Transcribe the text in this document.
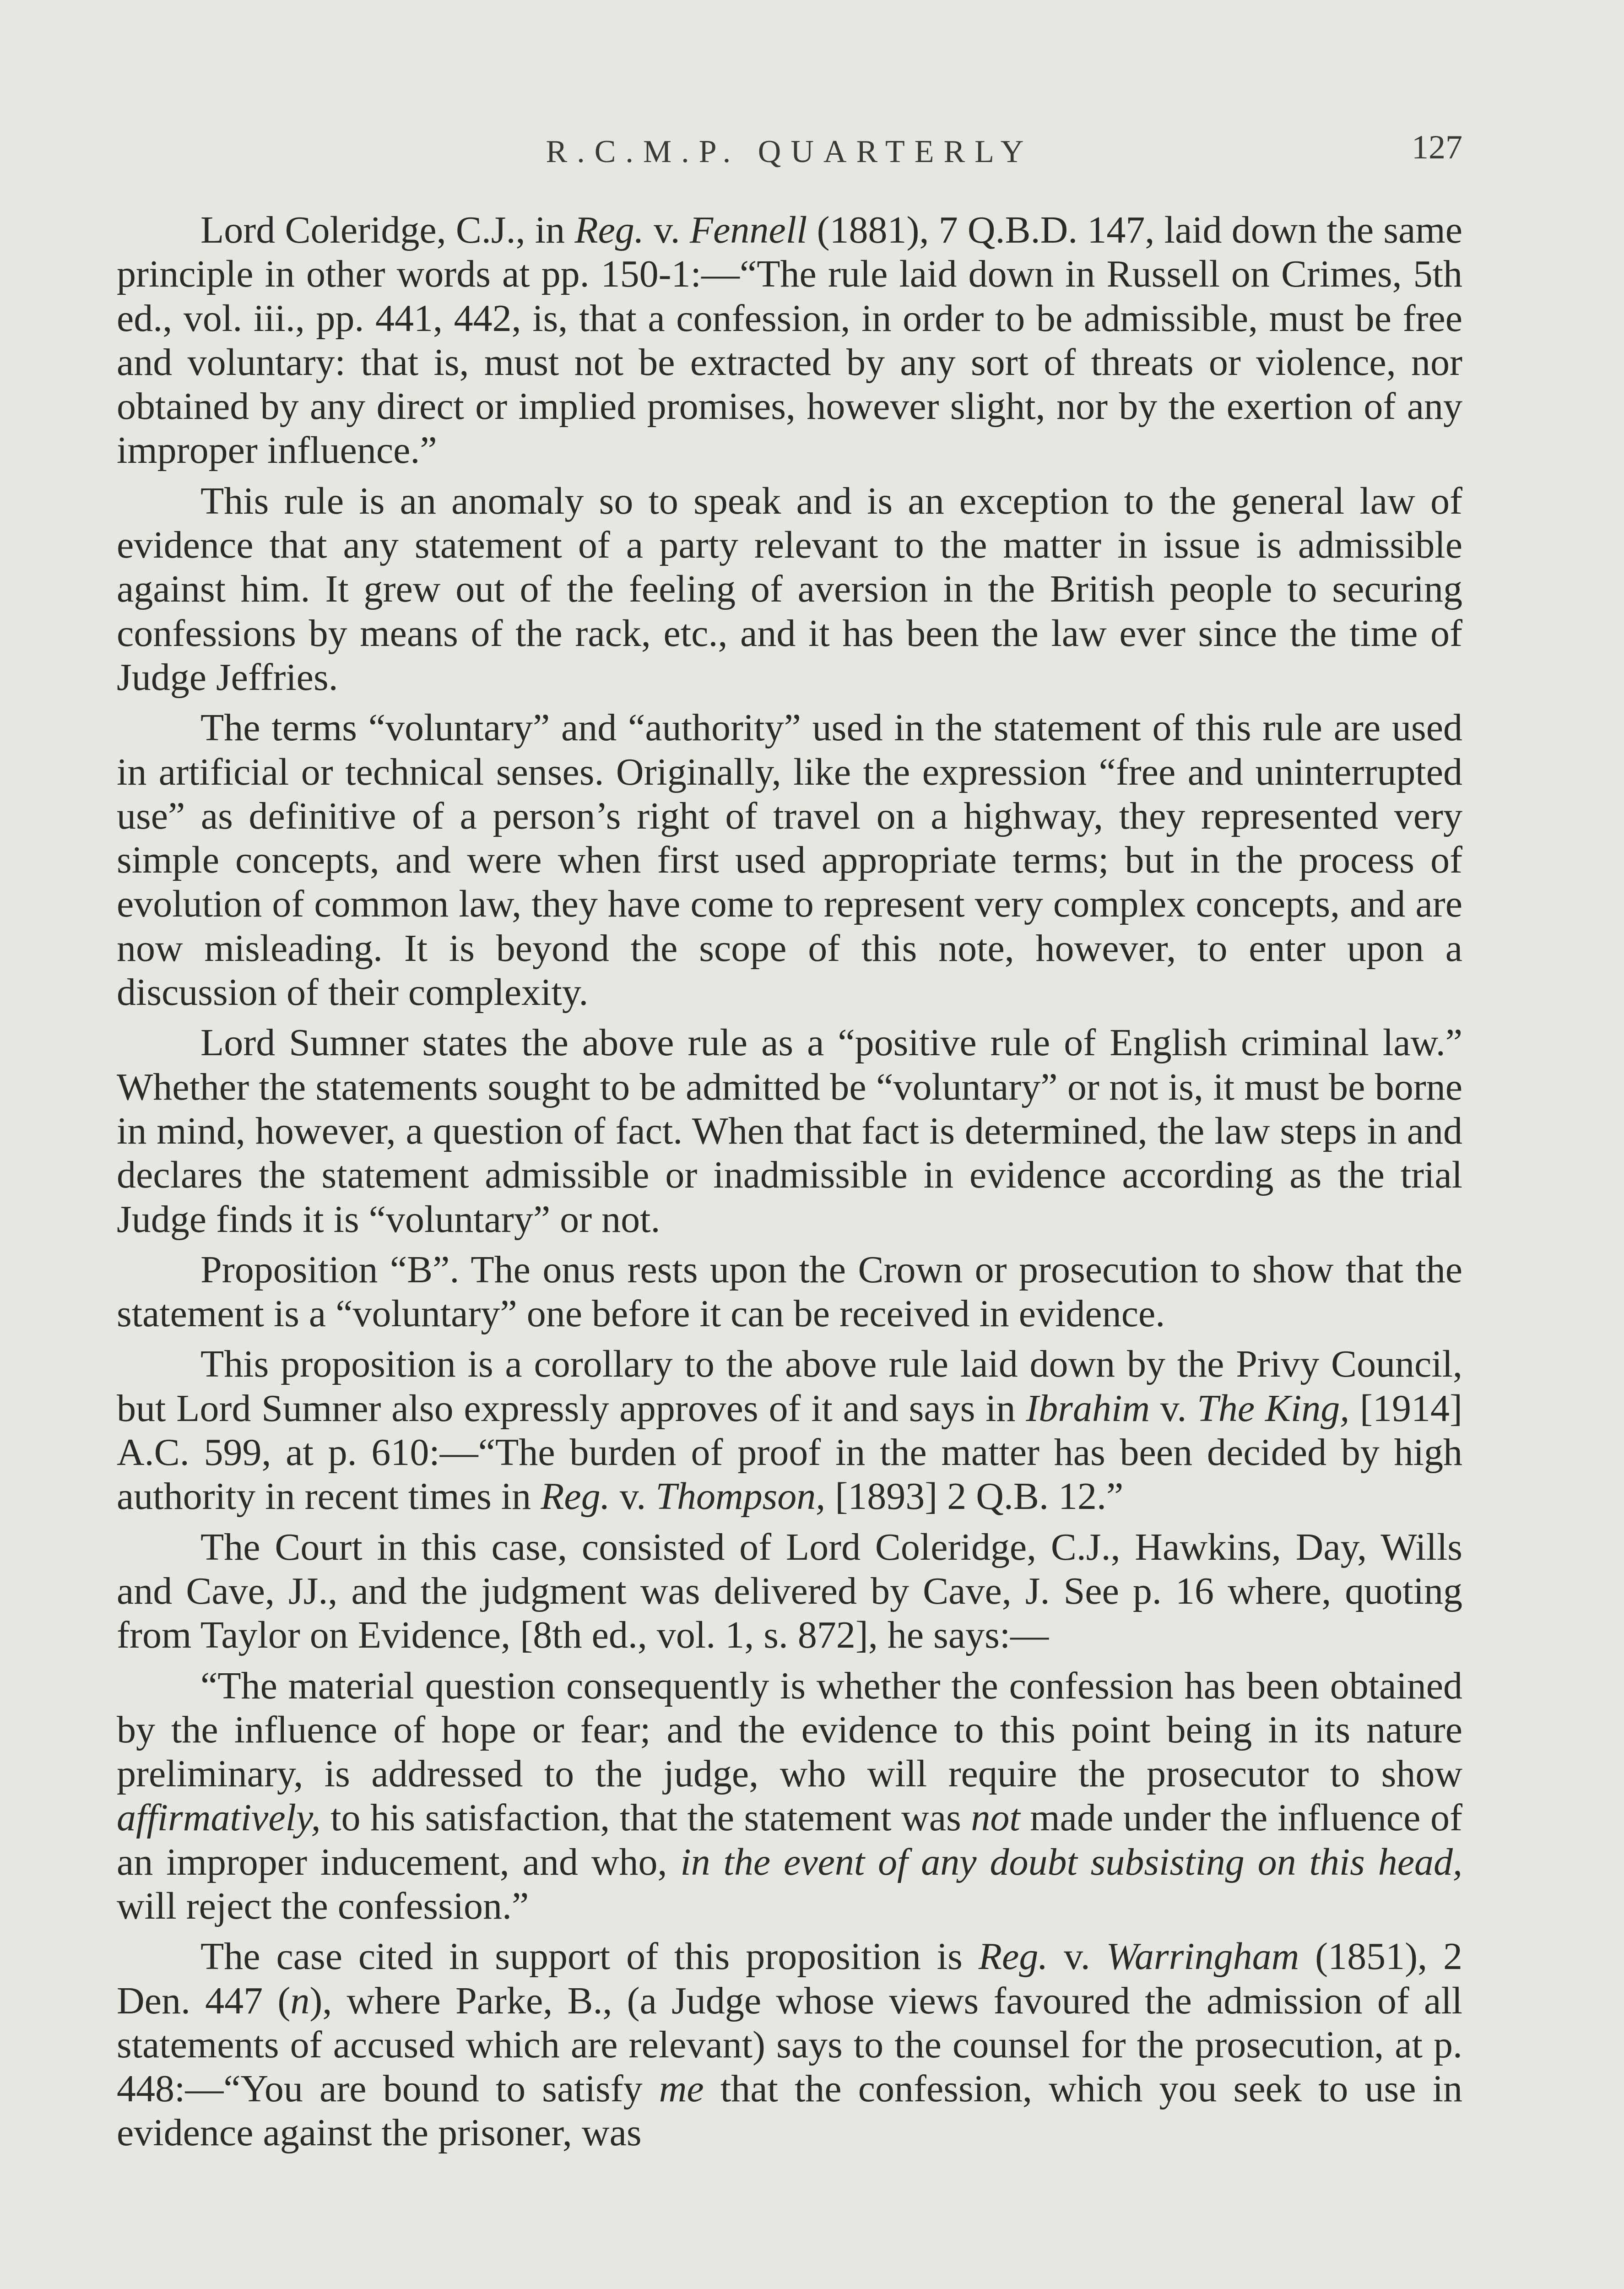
R.C.M.P. QUARTERLY	127

Lord Coleridge, C.J., in Reg. v. Fennell (1881), 7 Q.B.D. 147, laid down the same principle in other words at pp. 150-1:—“The rule laid down in Russell on Crimes, 5th ed., vol. iii., pp. 441, 442, is, that a confession, in order to be admissible, must be free and voluntary: that is, must not be extracted by any sort of threats or violence, nor obtained by any direct or implied promises, however slight, nor by the exertion of any improper influence.”

This rule is an anomaly so to speak and is an exception to the general law of evidence that any statement of a party relevant to the matter in issue is admissible against him. It grew out of the feeling of aversion in the British people to securing confessions by means of the rack, etc., and it has been the law ever since the time of Judge Jeffries.

The terms “voluntary” and “authority” used in the statement of this rule are used in artificial or technical senses. Originally, like the expression “free and uninterrupted use” as definitive of a person’s right of travel on a highway, they represented very simple concepts, and were when first used appropriate terms; but in the process of evolution of common law, they have come to represent very complex concepts, and are now misleading. It is beyond the scope of this note, however, to enter upon a discussion of their complexity.

Lord Sumner states the above rule as a “positive rule of English criminal law.” Whether the statements sought to be admitted be “voluntary” or not is, it must be borne in mind, however, a question of fact. When that fact is determined, the law steps in and declares the statement admissible or inadmissible in evidence according as the trial Judge finds it is “voluntary” or not.

Proposition “B”. The onus rests upon the Crown or prosecution to show that the statement is a “voluntary” one before it can be received in evidence.

This proposition is a corollary to the above rule laid down by the Privy Council, but Lord Sumner also expressly approves of it and says in Ibrahim v. The King, [1914] A.C. 599, at p. 610:—“The burden of proof in the matter has been decided by high authority in recent times in Reg. v. Thompson, [1893] 2 Q.B. 12.”

The Court in this case, consisted of Lord Coleridge, C.J., Hawkins, Day, Wills and Cave, JJ., and the judgment was delivered by Cave, J. See p. 16 where, quoting from Taylor on Evidence, [8th ed., vol. 1, s. 872], he says:—

“The material question consequently is whether the confession has been obtained by the influence of hope or fear; and the evidence to this point being in its nature preliminary, is addressed to the judge, who will require the prosecutor to show affirmatively, to his satisfaction, that the statement was not made under the influence of an improper inducement, and who, in the event of any doubt subsisting on this head, will reject the confession.”

The case cited in support of this proposition is Reg. v. Warringham (1851), 2 Den. 447 (n), where Parke, B., (a Judge whose views favoured the admission of all statements of accused which are relevant) says to the counsel for the prosecution, at p. 448:—“You are bound to satisfy me that the confession, which you seek to use in evidence against the prisoner, was
